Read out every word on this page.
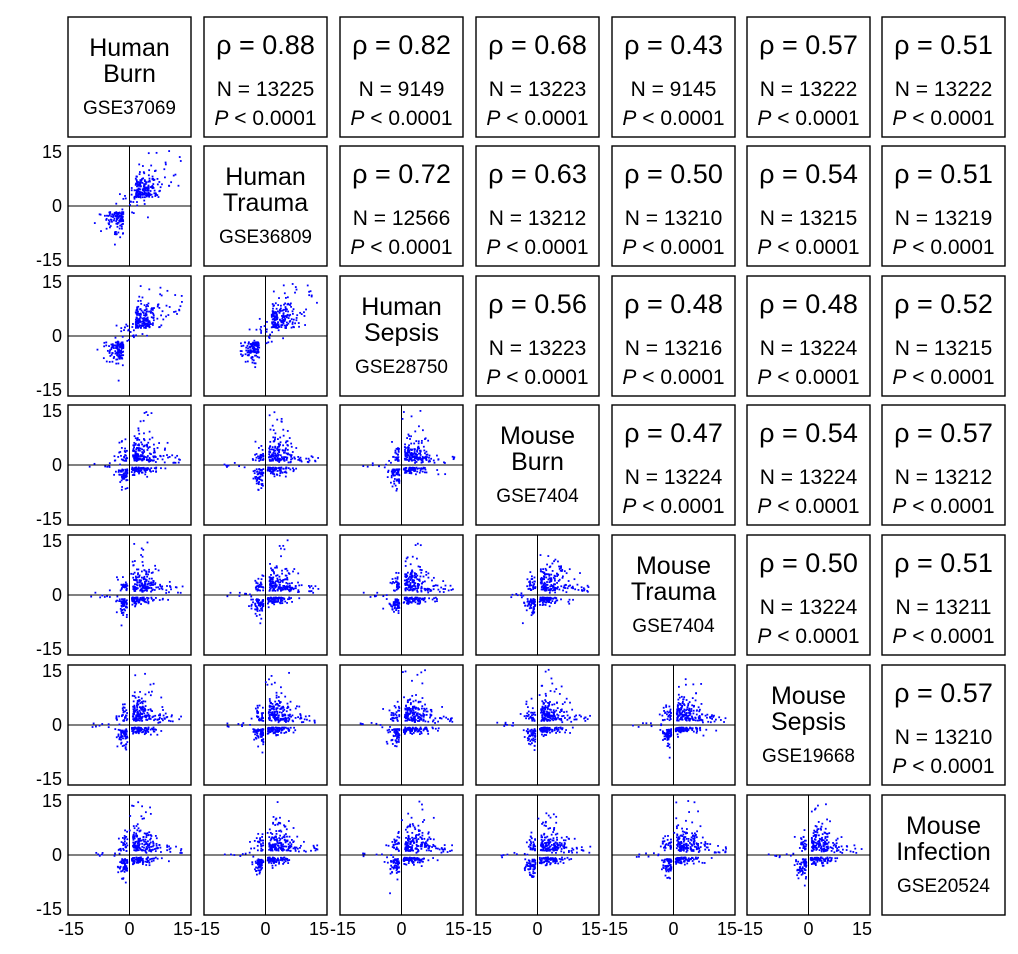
Human
Burn
GSE37069
ρ = 0.88
N = 13225
P < 0.0001
ρ = 0.82
N = 9149
P < 0.0001
ρ = 0.68
N = 13223
P < 0.0001
ρ = 0.43
N = 9145
P < 0.0001
ρ = 0.57
N = 13222
P < 0.0001
ρ = 0.51
N = 13222
P < 0.0001
Human
Trauma
GSE36809
ρ = 0.72
N = 12566
P < 0.0001
ρ = 0.63
N = 13212
P < 0.0001
ρ = 0.50
N = 13210
P < 0.0001
ρ = 0.54
N = 13215
P < 0.0001
ρ = 0.51
N = 13219
P < 0.0001
Human
Sepsis
GSE28750
ρ = 0.56
N = 13223
P < 0.0001
ρ = 0.48
N = 13216
P < 0.0001
ρ = 0.48
N = 13224
P < 0.0001
ρ = 0.52
N = 13215
P < 0.0001
Mouse
Burn
GSE7404
ρ = 0.47
N = 13224
P < 0.0001
ρ = 0.54
N = 13224
P < 0.0001
ρ = 0.57
N = 13212
P < 0.0001
Mouse
Trauma
GSE7404
ρ = 0.50
N = 13224
P < 0.0001
ρ = 0.51
N = 13211
P < 0.0001
Mouse
Sepsis
GSE19668
ρ = 0.57
N = 13210
P < 0.0001
Mouse
Infection
GSE20524
15
0
-15
15
0
-15
15
0
-15
15
0
-15
15
0
-15
15
0
-15
-15 0 15 -15 0 15 -15 0 15 -15 0 15 -15 0 15 -15 0 15
